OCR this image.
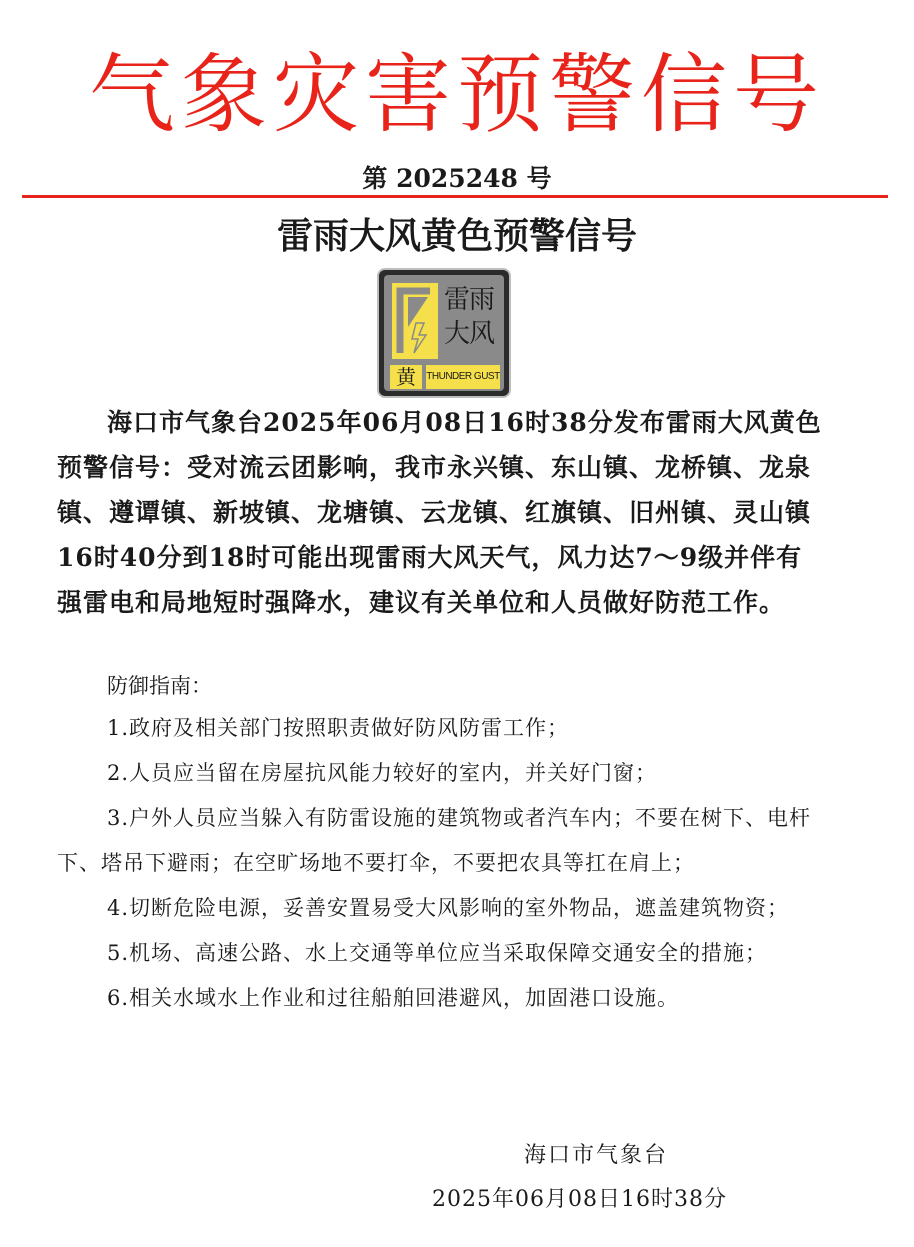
气象灾害预警信号
第 2025248 号
雷雨大风黄色预警信号
雷雨大风
黄	THUNDER GUST
海口市气象台2025年06月08日16时38分发布雷雨大风黄色预警信号：受对流云团影响，我市永兴镇、东山镇、龙桥镇、龙泉镇、遵谭镇、新坡镇、龙塘镇、云龙镇、红旗镇、旧州镇、灵山镇16时40分到18时可能出现雷雨大风天气，风力达7～9级并伴有强雷电和局地短时强降水，建议有关单位和人员做好防范工作。
防御指南：

1.政府及相关部门按照职责做好防风防雷工作；

2.人员应当留在房屋抗风能力较好的室内，并关好门窗；

3.户外人员应当躲入有防雷设施的建筑物或者汽车内；不要在树下、电杆下、塔吊下避雨；在空旷场地不要打伞，不要把农具等扛在肩上；

4.切断危险电源，妥善安置易受大风影响的室外物品，遮盖建筑物资；

5.机场、高速公路、水上交通等单位应当采取保障交通安全的措施；

6.相关水域水上作业和过往船舶回港避风，加固港口设施。

海口市气象台
2025年06月08日16时38分
